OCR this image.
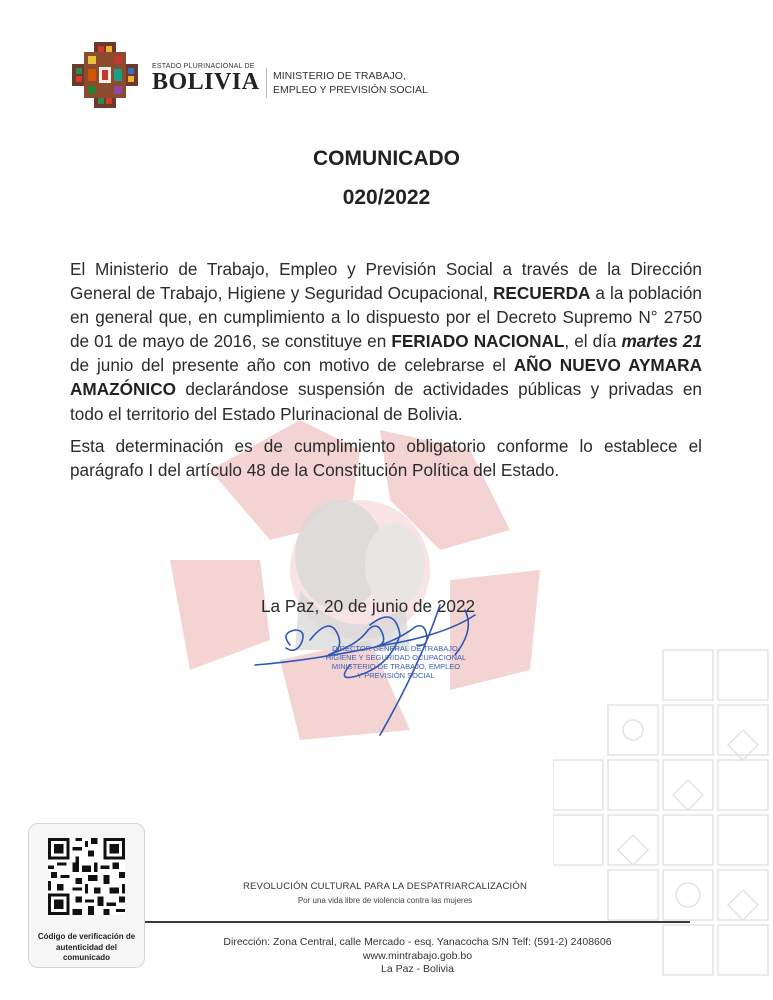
ESTADO PLURINACIONAL DE
BOLIVIA MINISTERIO DE TRABAJO,
EMPLEO Y PREVISIÓN SOCIAL
COMUNICADO
020/2022

El Ministerio de Trabajo, Empleo y Previsión Social a través de la Dirección General de Trabajo, Higiene y Seguridad Ocupacional, RECUERDA a la población en general que, en cumplimiento a lo dispuesto por el Decreto Supremo N° 2750 de 01 de mayo de 2016, se constituye en FERIADO NACIONAL, el día martes 21 de junio del presente año con motivo de celebrarse el AÑO NUEVO AYMARA AMAZÓNICO declarándose suspensión de actividades públicas y privadas en todo el territorio del Estado Plurinacional de Bolivia.

Esta determinación es de cumplimiento obligatorio conforme lo establece el parágrafo I del artículo 48 de la Constitución Política del Estado.

La Paz, 20 de junio de 2022
DIRECTOR GENERAL DE TRABAJO,
HIGIENE Y SEGURIDAD OCUPACIONAL
MINISTERIO DE TRABAJO, EMPLEO
Y PREVISIÓN SOCIAL
Código de verificación de
autenticidad del comunicado
REVOLUCIÓN CULTURAL PARA LA DESPATRIARCALIZACIÓN
Por una vida libre de violencia contra las mujeres
Dirección: Zona Central, calle Mercado - esq. Yanacocha S/N Telf: (591-2) 2408606
www.mintrabajo.gob.bo
La Paz - Bolivia
